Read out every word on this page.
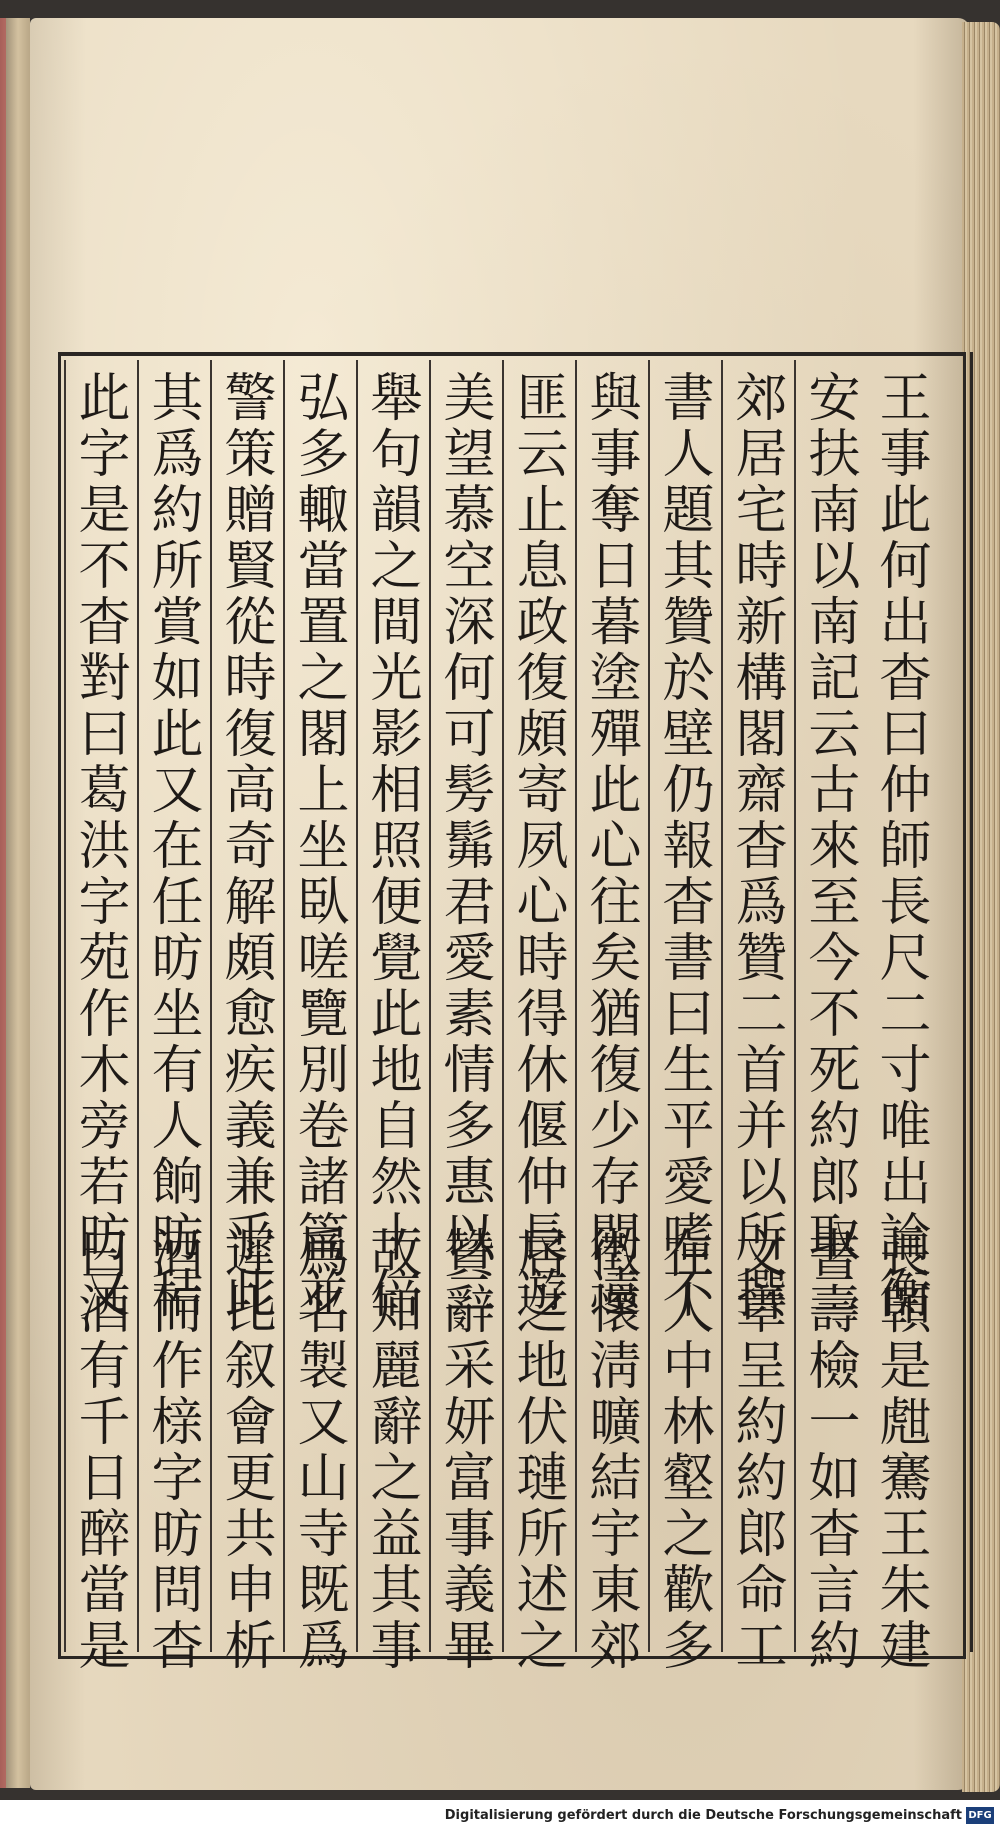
王事此何出杳曰仲師長尺二寸唯出論衡
長顊是甝騫王朱建
安扶南以南記云古來至今不死約郎取二
書壽檢一如杳言約
郊居宅時新構閣齋杳爲贊二首并以所撰
文章呈約約郎命工
書人題其贊於壁仍報杳書曰生平愛嗜不
在人中林壑之歡多
與事奪日暮塗殫此心往矣猶復少存閑遠
徵懷淸曠結宇東郊
匪云止息政復頗寄夙心時得休偃仲長遊
居之地伏璉所述之
美望慕空深何可髣髴君愛素情多惠以二
贊辭采妍富事義畢
舉句韻之間光影相照便覺此地自然十倍
故知麗辭之益其事
弘多輙當置之閣上坐臥嗟覽別卷諸篇並
爲名製又山寺既爲
警策贈賢從時復高奇解頗愈疾義兼乎此
遲比叙會更共申析
其爲約所賞如此又在任昉坐有人餉昉秸
酒而作榇字昉問杳
此字是不杳對曰葛洪字苑作木旁若昉又
曰酒有千日醉當是
Digitalisierung gefördert durch die Deutsche Forschungsgemeinschaft DFG
